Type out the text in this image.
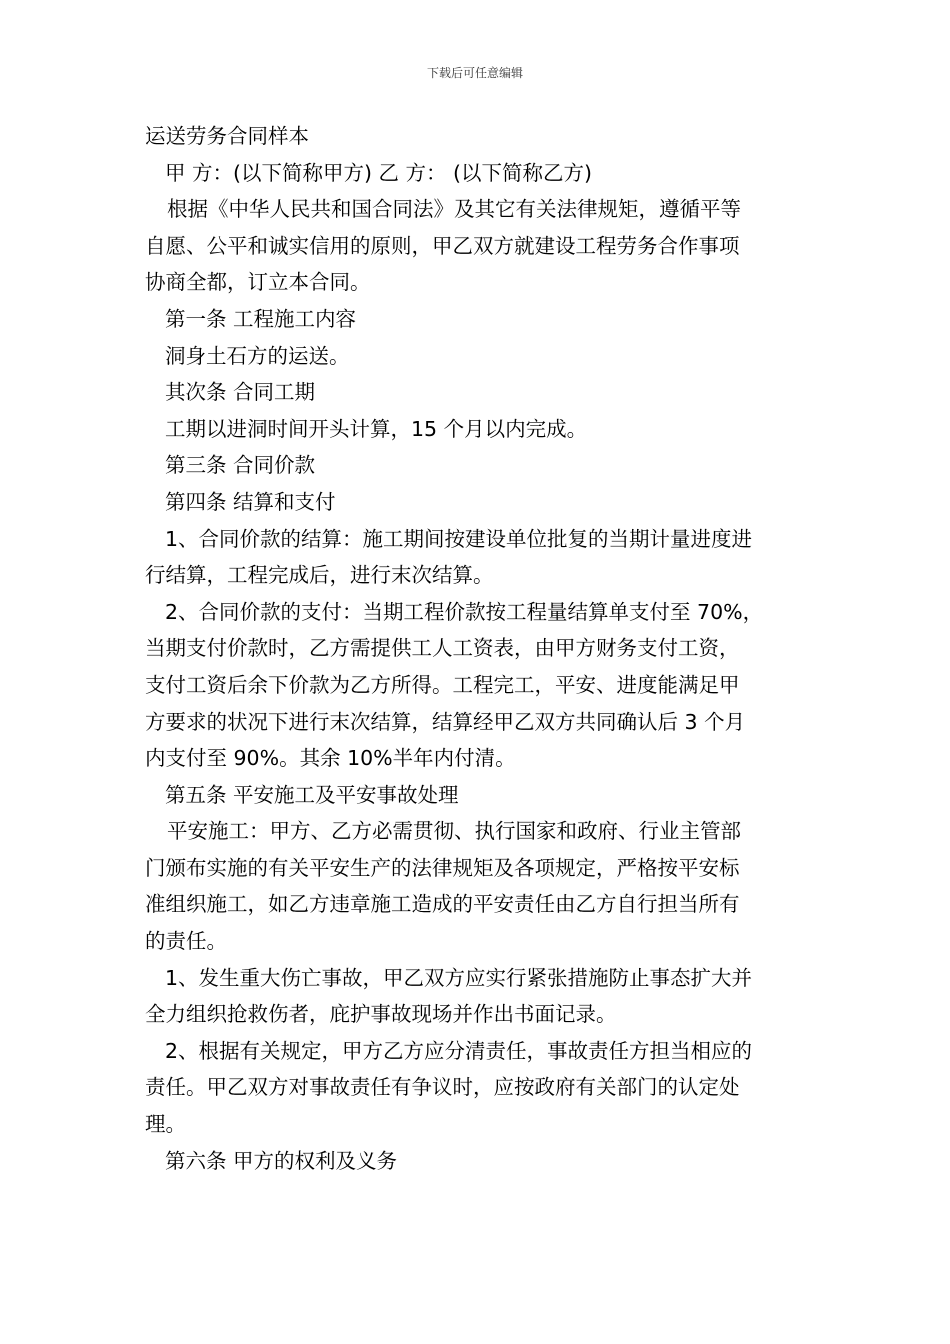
下载后可任意编辑
运送劳务合同样本
甲 方：(以下简称甲方) 乙 方： (以下简称乙方)
根据《中华人民共和国合同法》及其它有关法律规矩，遵循平等
自愿、公平和诚实信用的原则，甲乙双方就建设工程劳务合作事项
协商全都，订立本合同。
第一条 工程施工内容
洞身土石方的运送。
其次条 合同工期
工期以进洞时间开头计算，15 个月以内完成。
第三条 合同价款
第四条 结算和支付
1、合同价款的结算：施工期间按建设单位批复的当期计量进度进
行结算，工程完成后，进行末次结算。
2、合同价款的支付：当期工程价款按工程量结算单支付至 70%，
当期支付价款时，乙方需提供工人工资表，由甲方财务支付工资，
支付工资后余下价款为乙方所得。工程完工，平安、进度能满足甲
方要求的状况下进行末次结算，结算经甲乙双方共同确认后 3 个月
内支付至 90%。其余 10%半年内付清。
第五条 平安施工及平安事故处理
平安施工：甲方、乙方必需贯彻、执行国家和政府、行业主管部
门颁布实施的有关平安生产的法律规矩及各项规定，严格按平安标
准组织施工，如乙方违章施工造成的平安责任由乙方自行担当所有
的责任。
1、发生重大伤亡事故，甲乙双方应实行紧张措施防止事态扩大并
全力组织抢救伤者，庇护事故现场并作出书面记录。
2、根据有关规定，甲方乙方应分清责任，事故责任方担当相应的
责任。甲乙双方对事故责任有争议时，应按政府有关部门的认定处
理。
第六条 甲方的权利及义务
